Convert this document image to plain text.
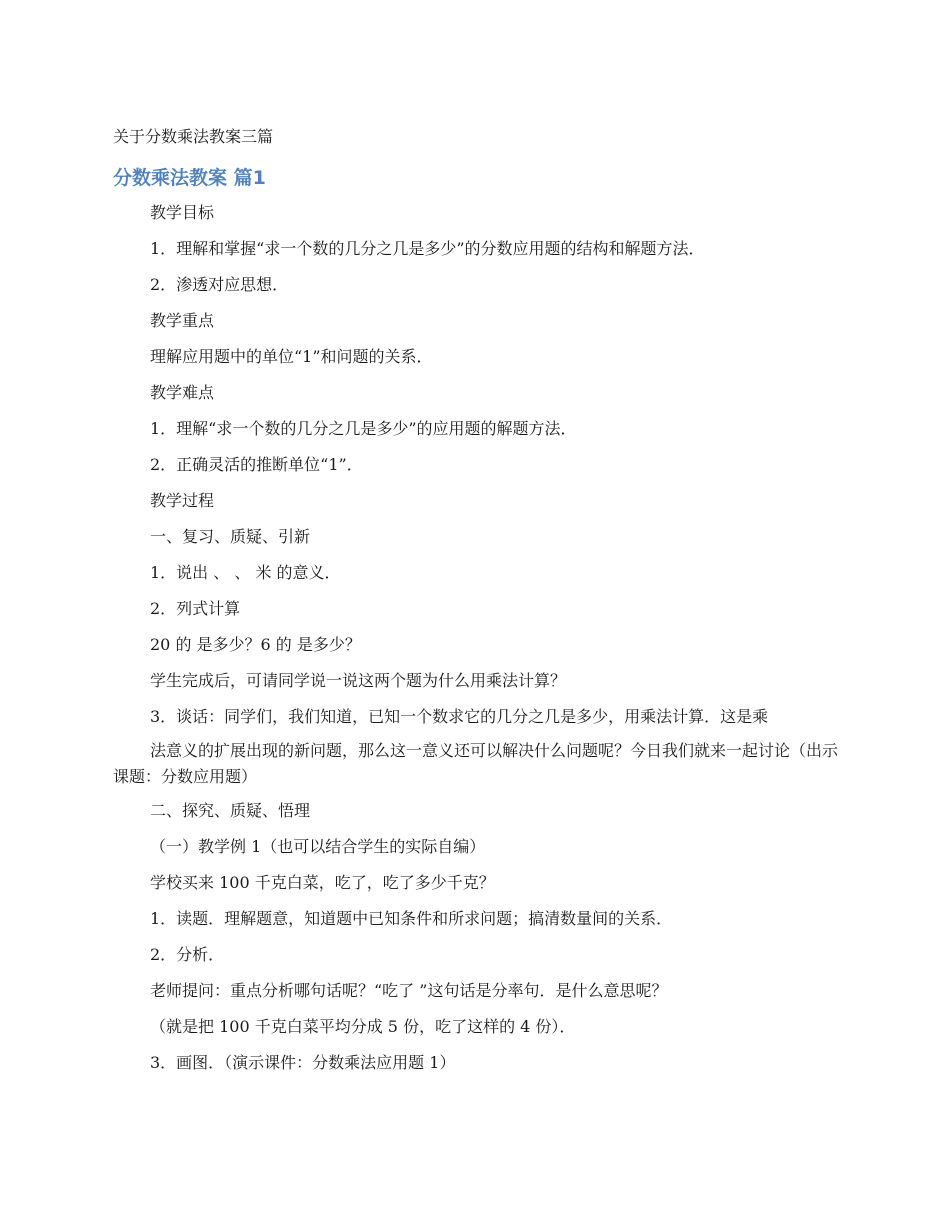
关于分数乘法教案三篇
分数乘法教案 篇1

教学目标

1．理解和掌握“求一个数的几分之几是多少”的分数应用题的结构和解题方法．

2．渗透对应思想．

教学重点

理解应用题中的单位“1”和问题的关系．

教学难点

1．理解“求一个数的几分之几是多少”的应用题的解题方法．

2．正确灵活的推断单位“1”．

教学过程

一、复习、质疑、引新

1．说出 、 、 米 的意义．

2．列式计算

20 的 是多少？6 的 是多少？

学生完成后，可请同学说一说这两个题为什么用乘法计算？

3．谈话：同学们，我们知道，已知一个数求它的几分之几是多少，用乘法计算．这是乘

法意义的扩展出现的新问题，那么这一意义还可以解决什么问题呢？今日我们就来一起讨论（出示课题：分数应用题）

二、探究、质疑、悟理

（一）教学例 1（也可以结合学生的实际自编）

学校买来 100 千克白菜，吃了，吃了多少千克？

1．读题．理解题意，知道题中已知条件和所求问题；搞清数量间的关系．

2．分析．

老师提问：重点分析哪句话呢？“吃了 ”这句话是分率句．是什么意思呢？

（就是把 100 千克白菜平均分成 5 份，吃了这样的 4 份）．

3．画图．（演示课件：分数乘法应用题 1）
